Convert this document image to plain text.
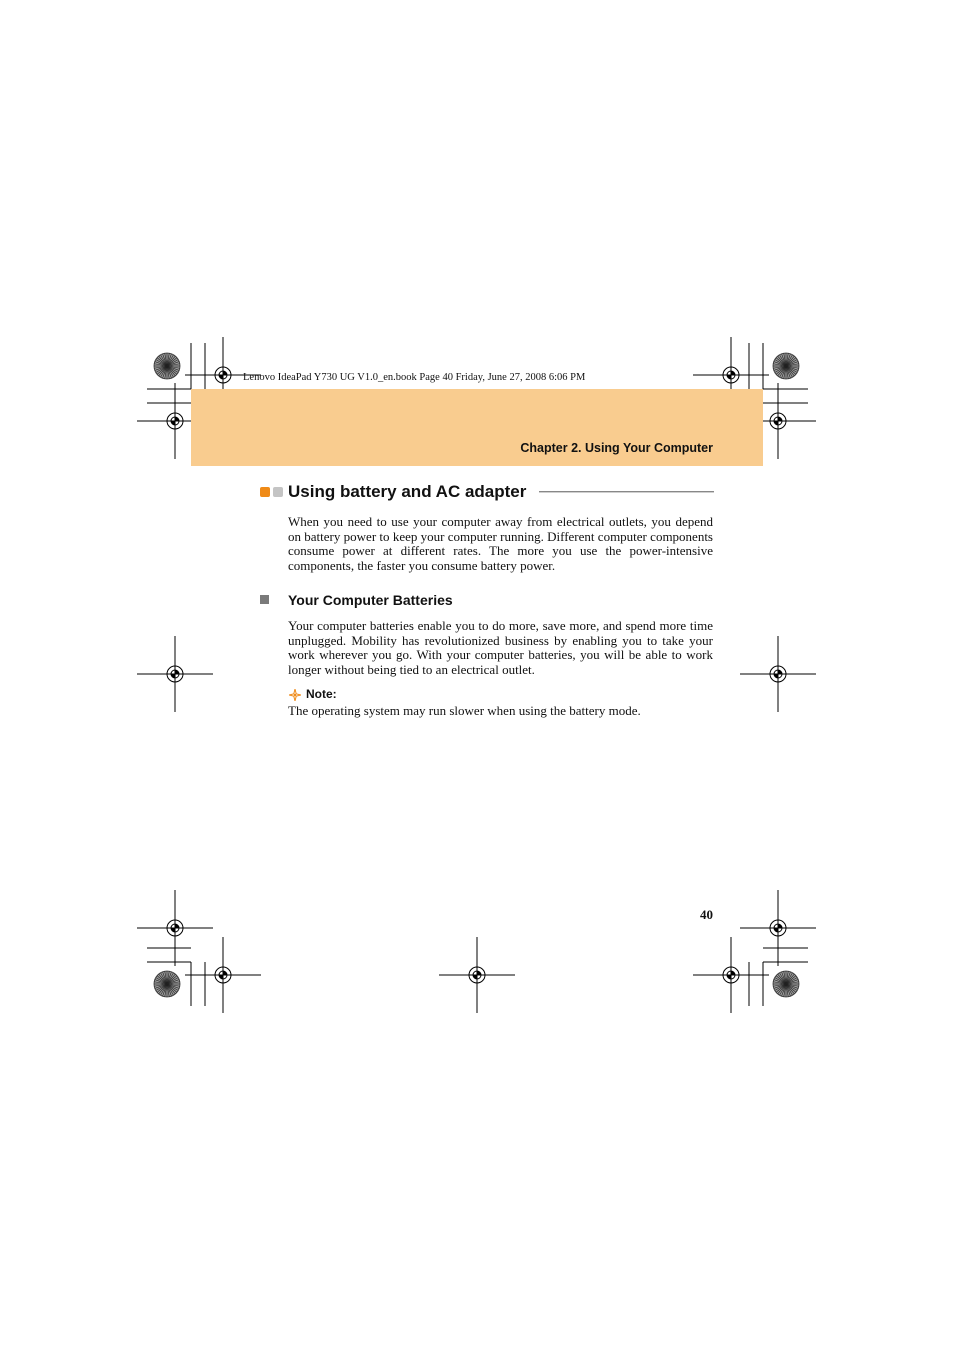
Lenovo IdeaPad Y730 UG V1.0_en.book Page 40 Friday, June 27, 2008 6:06 PM
Chapter 2. Using Your Computer
Using battery and AC adapter
When you need to use your computer away from electrical outlets, you depend on battery power to keep your computer running. Different computer components consume power at different rates. The more you use the power-intensive components, the faster you consume battery power.
Your Computer Batteries
Your computer batteries enable you to do more, save more, and spend more time unplugged. Mobility has revolutionized business by enabling you to take your work wherever you go. With your computer batteries, you will be able to work longer without being tied to an electrical outlet.
Note:
The operating system may run slower when using the battery mode.
40
